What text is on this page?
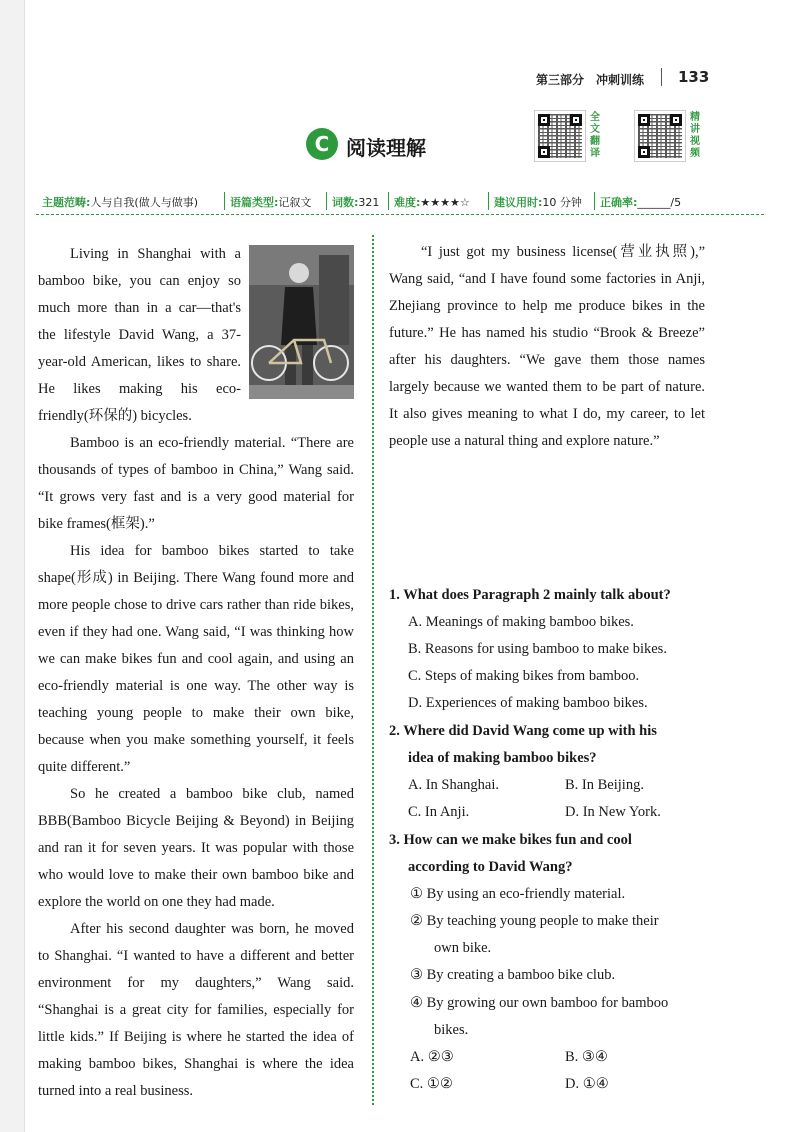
第三部分 冲刺训练 133
C 阅读理解
全
文
翻
译
精
讲
视
频
主题范畴:人与自我(做人与做事)	语篇类型:记叙文 词数:321 难度:★★★★☆ 建议用时:10 分钟 正确率:______/5

Living in Shanghai with a bamboo bike, you can enjoy so much more than in a car—that's the lifestyle David Wang, a 37-year-old American, likes to share. He likes making his eco-friendly(环保的) bicycles.

Bamboo is an eco-friendly material. “There are thousands of types of bamboo in China,” Wang said. “It grows very fast and is a very good material for bike frames(框架).”

His idea for bamboo bikes started to take shape(形成) in Beijing. There Wang found more and more people chose to drive cars rather than ride bikes, even if they had one. Wang said, “I was thinking how we can make bikes fun and cool again, and using an eco-friendly material is one way. The other way is teaching young people to make their own bike, because when you make something yourself, it feels quite different.”

So he created a bamboo bike club, named BBB(Bamboo Bicycle Beijing & Beyond) in Beijing and ran it for seven years. It was popular with those who would love to make their own bamboo bike and explore the world on one they had made.

After his second daughter was born, he moved to Shanghai. “I wanted to have a different and better environment for my daughters,” Wang said. “Shanghai is a great city for families, especially for little kids.” If Beijing is where he started the idea of making bamboo bikes, Shanghai is where the idea turned into a real business.

“I just got my business license(营业执照),” Wang said, “and I have found some factories in Anji, Zhejiang province to help me produce bikes in the future.” He has named his studio “Brook & Breeze” after his daughters. “We gave them those names largely because we wanted them to be part of nature. It also gives meaning to what I do, my career, to let people use a natural thing and explore nature.”

1. What does Paragraph 2 mainly talk about?
A. Meanings of making bamboo bikes.
B. Reasons for using bamboo to make bikes.
C. Steps of making bikes from bamboo.
D. Experiences of making bamboo bikes.
2. Where did David Wang come up with his
idea of making bamboo bikes?
A. In Shanghai.	B. In Beijing.
C. In Anji.	D. In New York.
3. How can we make bikes fun and cool
according to David Wang?
① By using an eco-friendly material.
② By teaching young people to make their
own bike.
③ By creating a bamboo bike club.
④ By growing our own bamboo for bamboo
bikes.
A. ②③	B. ③④
C. ①②	D. ①④
